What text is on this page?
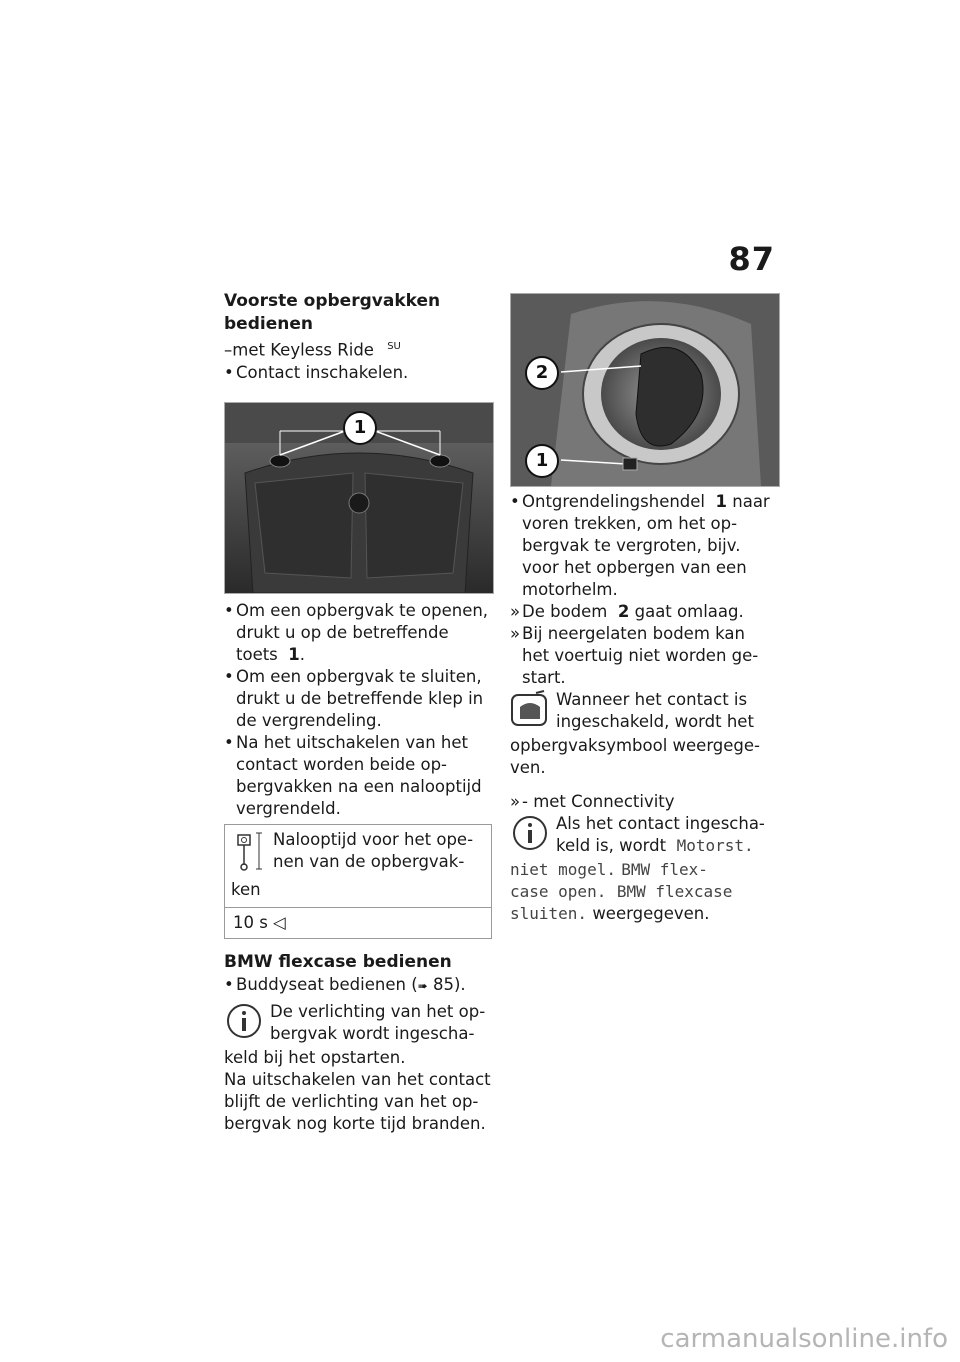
87
Voorste opbergvakken
bedienen
–met Keyless Ride $^{SU}$
• Contact inschakelen.
1
• Om een opbergvak te openen,
drukt u op de betreffende
toets 1.
• Om een opbergvak te sluiten,
drukt u de betreffende klep in
de vergrendeling.
• Na het uitschakelen van het
contact worden beide op-
bergvakken na een nalooptijd
vergrendeld.
Nalooptijd voor het ope-
nen van de opbergvak-
ken
10 s ◁
BMW flexcase bedienen
• Buddyseat bedienen (➠ 85).
De verlichting van het op-
bergvak wordt ingescha-
keld bij het opstarten.
Na uitschakelen van het contact
blijft de verlichting van het op-
bergvak nog korte tijd branden.
2
1
• Ontgrendelingshendel 1 naar
voren trekken, om het op-
bergvak te vergroten, bijv.
voor het opbergen van een
motorhelm.
» De bodem 2 gaat omlaag.
» Bij neergelaten bodem kan
het voertuig niet worden ge-
start.
Wanneer het contact is
ingeschakeld, wordt het
opbergvaksymbool weergege-
ven.
» - met Connectivity
Als het contact ingescha-
keld is, wordt Motorst.
niet mogel. BMW flex-
case open. BMW flexcase
sluiten. weergegeven.
carmanualsonline.info
